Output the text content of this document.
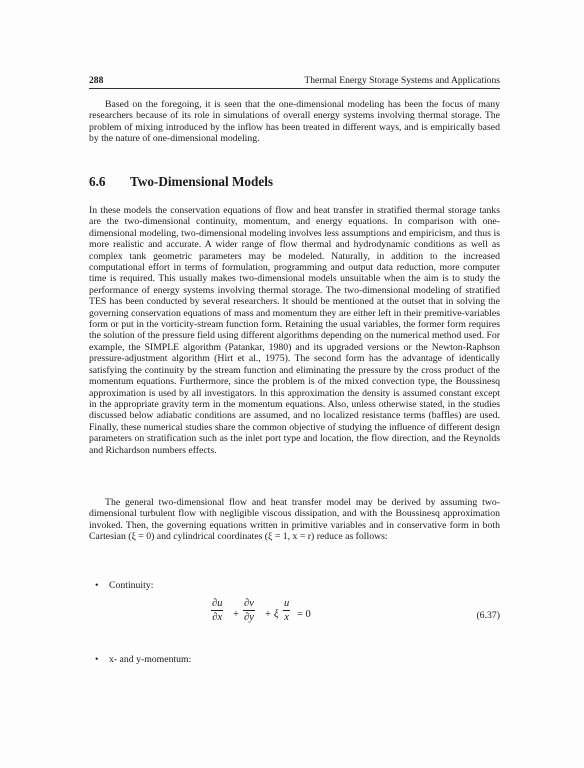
288	Thermal Energy Storage Systems and Applications

Based on the foregoing, it is seen that the one-dimensional modeling has been the focus of many researchers because of its role in simulations of overall energy systems involving thermal storage. The problem of mixing introduced by the inflow has been treated in different ways, and is empirically based by the nature of one-dimensional modeling.

6.6 Two-Dimensional Models

In these models the conservation equations of flow and heat transfer in stratified thermal storage tanks are the two-dimensional continuity, momentum, and energy equations. In comparison with one-dimensional modeling, two-dimensional modeling involves less assumptions and empiricism, and thus is more realistic and accurate. A wider range of flow thermal and hydrodynamic conditions as well as complex tank geometric parameters may be modeled. Naturally, in addition to the increased computational effort in terms of formulation, programming and output data reduction, more computer time is required. This usually makes two-dimensional models unsuitable when the aim is to study the performance of energy systems involving thermal storage. The two-dimensional modeling of stratified TES has been conducted by several researchers. It should be mentioned at the outset that in solving the governing conservation equations of mass and momentum they are either left in their premitive-variables form or put in the vorticity-stream function form. Retaining the usual variables, the former form requires the solution of the pressure field using different algorithms depending on the numerical method used. For example, the SIMPLE algorithm (Patankar, 1980) and its upgraded versions or the Newton-Raphson pressure-adjustment algorithm (Hirt et al., 1975). The second form has the advantage of identically satisfying the continuity by the stream function and eliminating the pressure by the cross product of the momentum equations. Furthermore, since the problem is of the mixed convection type, the Boussinesq approximation is used by all investigators. In this approximation the density is assumed constant except in the appropriate gravity term in the momentum equations. Also, unless otherwise stated, in the studies discussed below adiabatic conditions are assumed, and no localized resistance terms (baffles) are used. Finally, these numerical studies share the common objective of studying the influence of different design parameters on stratification such as the inlet port type and location, the flow direction, and the Reynolds and Richardson numbers effects.

The general two-dimensional flow and heat transfer model may be derived by assuming two-dimensional turbulent flow with negligible viscous dissipation, and with the Boussinesq approximation invoked. Then, the governing equations written in primitive variables and in conservative form in both Cartesian (ξ = 0) and cylindrical coordinates (ξ = 1, x = r) reduce as follows:

• Continuity:
∂u
∂x +
∂v
∂y + ξ
u
x = 0	(6.37)
• x- and y-momentum:
